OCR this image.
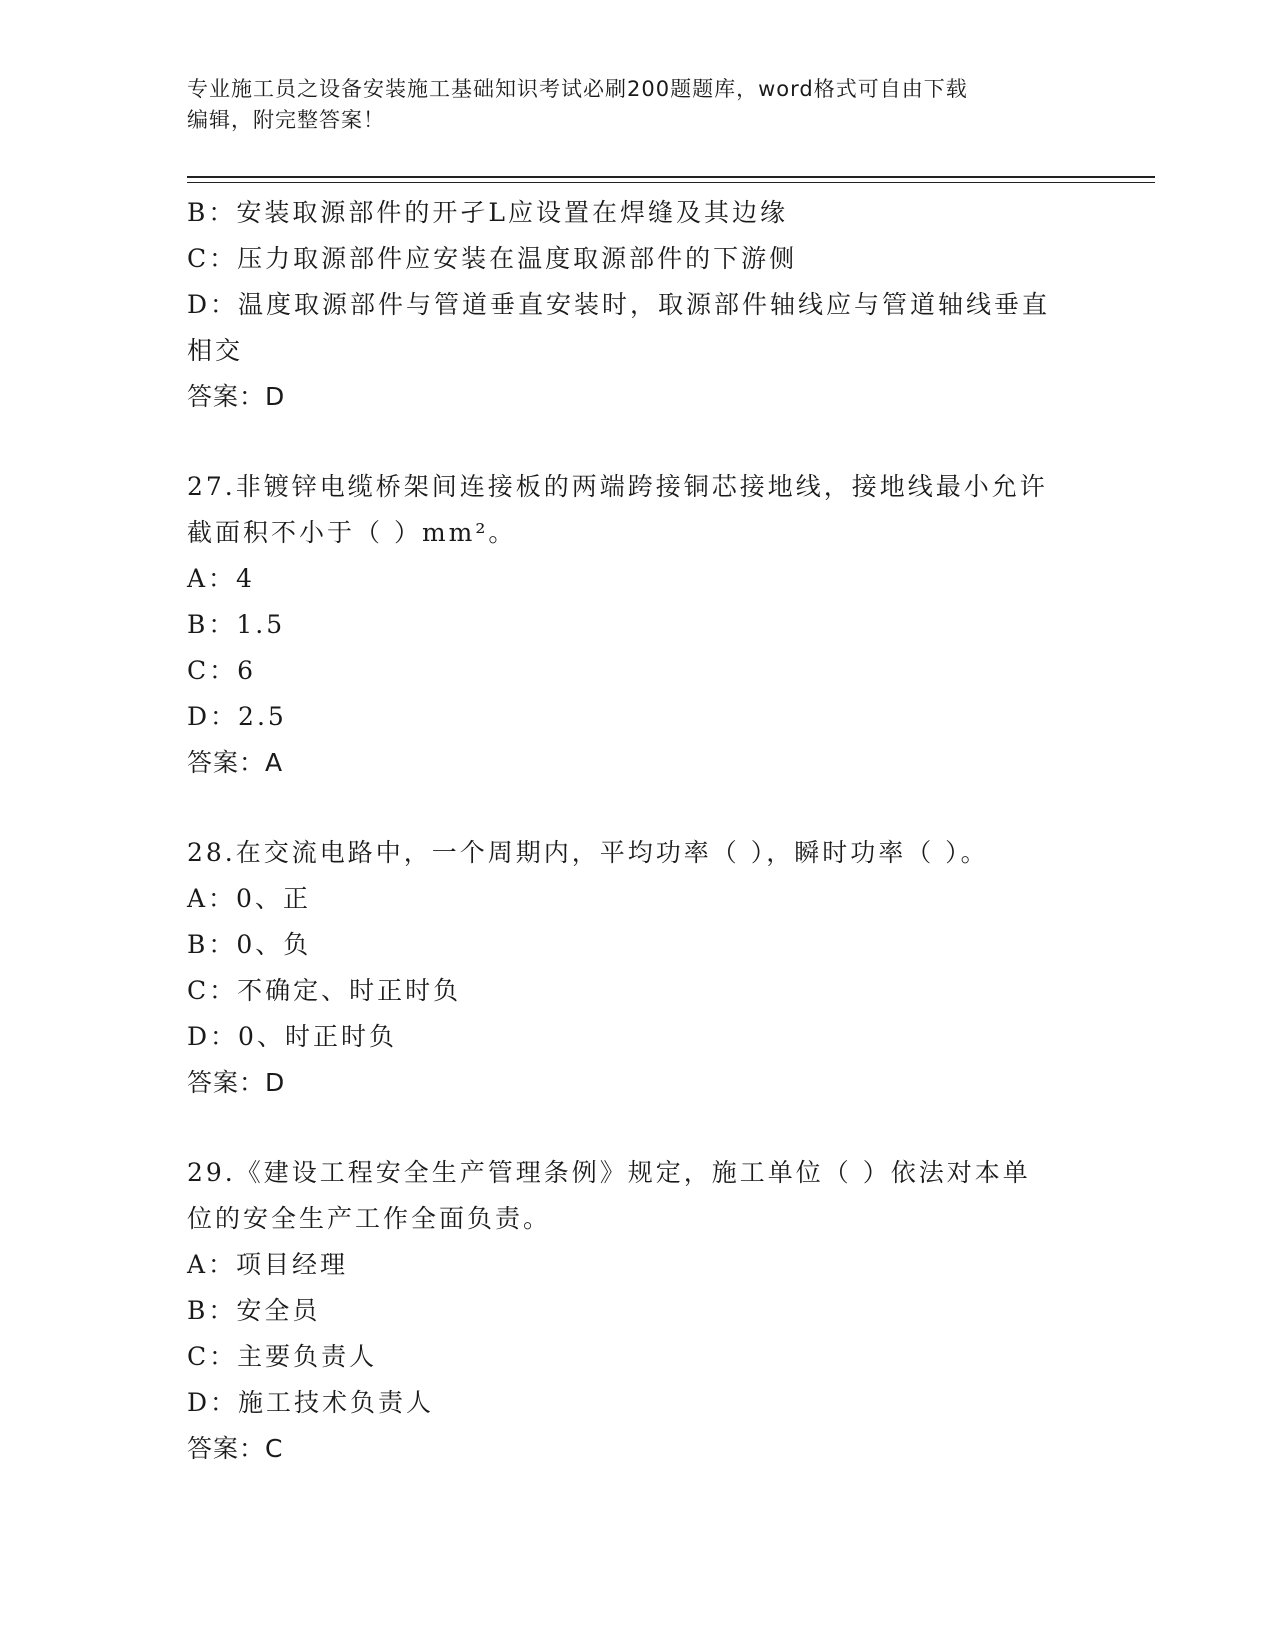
专业施工员之设备安装施工基础知识考试必刷200题题库，word格式可自由下载
编辑，附完整答案！
B：安装取源部件的开孑L应设置在焊缝及其边缘
C：压力取源部件应安装在温度取源部件的下游侧
D：温度取源部件与管道垂直安装时，取源部件轴线应与管道轴线垂直
相交
答案：D
27.非镀锌电缆桥架间连接板的两端跨接铜芯接地线，接地线最小允许
截面积不小于（ ）mm²。
A：4
B：1.5
C：6
D：2.5
答案：A
28.在交流电路中，一个周期内，平均功率（ ），瞬时功率（ ）。
A：0、正
B：0、负
C：不确定、时正时负
D：0、时正时负
答案：D
29.《建设工程安全生产管理条例》规定，施工单位（ ）依法对本单
位的安全生产工作全面负责。
A：项目经理
B：安全员
C：主要负责人
D：施工技术负责人
答案：C
